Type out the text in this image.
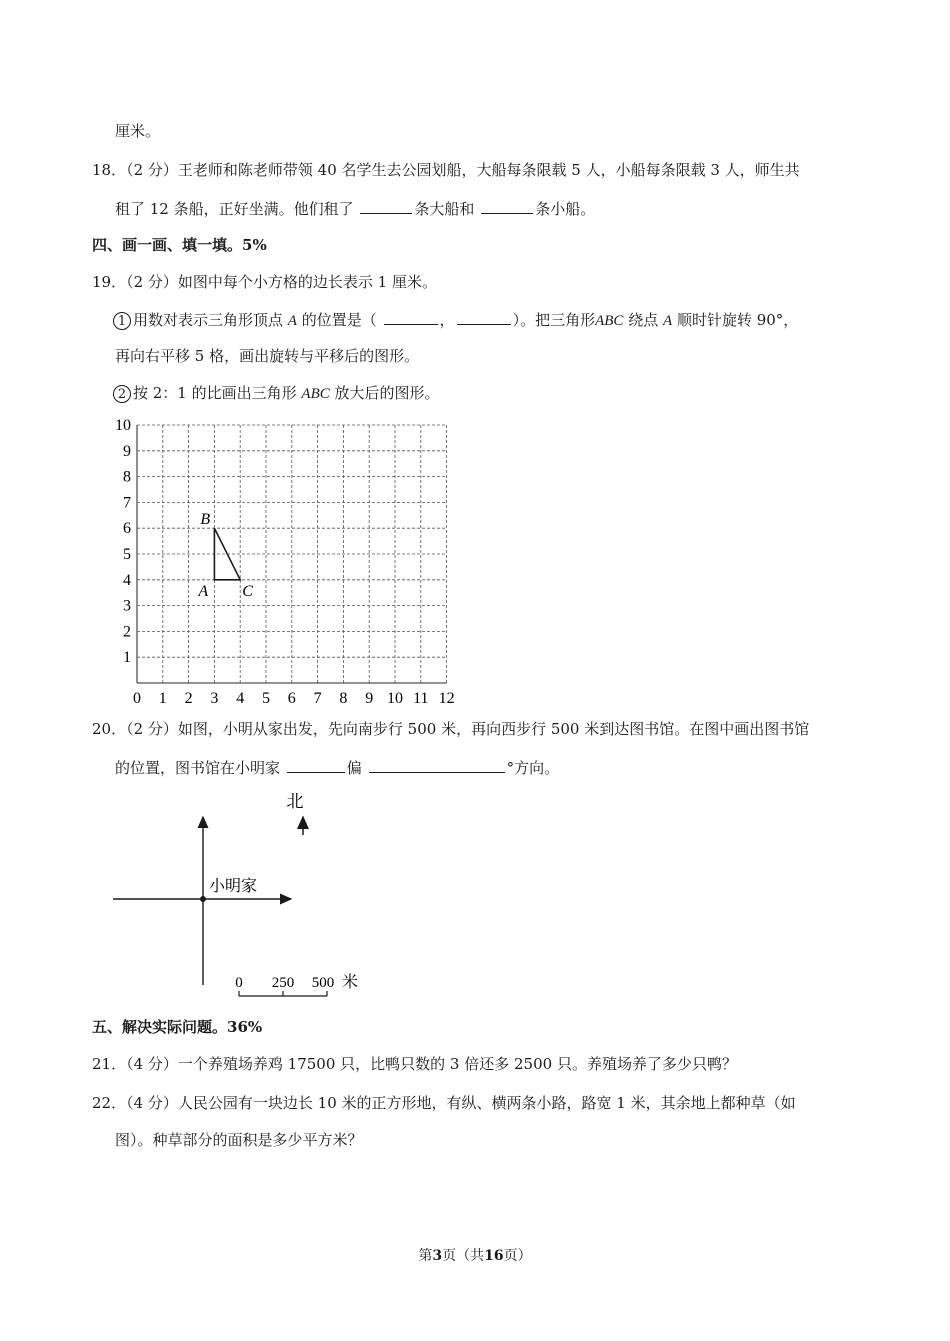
厘米。
18．（2 分）王老师和陈老师带领 40 名学生去公园划船，大船每条限载 5 人，小船每条限载 3 人，师生共
租了 12 条船，正好坐满。他们租了	条大船和	条小船。
四、画一画、填一填。5%
19．（2 分）如图中每个小方格的边长表示 1 厘米。
1 用数对表示三角形顶点 A 的位置是（	，	）。把三角形ABC 绕点 A 顺时针旋转 90°，
再向右平移 5 格，画出旋转与平移后的图形。
2 按 2：1 的比画出三角形 ABC 放大后的图形。
0 1 2 3 4 5 6 7 8 9 10 11 12
1
2
3
4
5
6
7
8
9
10
A
B
C
20．（2 分）如图，小明从家出发，先向南步行 500 米，再向西步行 500 米到达图书馆。在图中画出图书馆
的位置，图书馆在小明家	偏	°方向。
北
小明家
0 250 500 米
五、解决实际问题。36%
21．（4 分）一个养殖场养鸡 17500 只，比鸭只数的 3 倍还多 2500 只。养殖场养了多少只鸭？
22．（4 分）人民公园有一块边长 10 米的正方形地，有纵、横两条小路，路宽 1 米，其余地上都种草（如
图）。种草部分的面积是多少平方米？
第3页（共16页）
